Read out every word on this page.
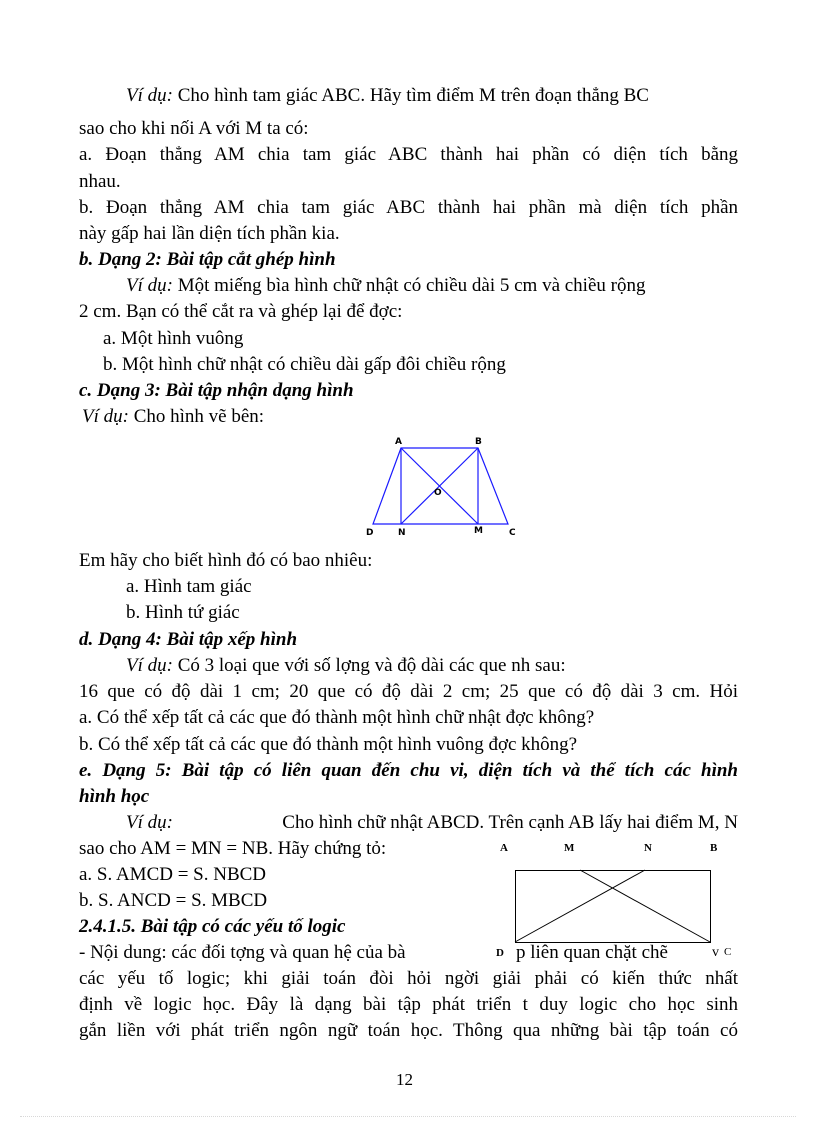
Ví dụ: Cho hình tam giác ABC. Hãy tìm điểm M trên đoạn thẳng BC
sao cho khi nối A với M ta có:
a. Đoạn thẳng AM chia tam giác ABC thành hai phần có diện tích bằng
nhau.
b. Đoạn thẳng AM chia tam giác ABC thành hai phần mà diện tích phần
này gấp hai lần diện tích phần kia.
b. Dạng 2: Bài tập cắt ghép hình
Ví dụ: Một miếng bìa hình chữ nhật có chiều dài 5 cm và chiều rộng
2 cm. Bạn có thể cắt ra và ghép lại để đợc:
a. Một hình vuông
b. Một hình chữ nhật có chiều dài gấp đôi chiều rộng
c. Dạng 3: Bài tập nhận dạng hình
Ví dụ: Cho hình vẽ bên:
A	B
O
D	N	M	C
Em hãy cho biết hình đó có bao nhiêu:
a. Hình tam giác
b. Hình tứ giác
d. Dạng 4: Bài tập xếp hình
Ví dụ: Có 3 loại que với số lợng và độ dài các que nh sau:
16 que có độ dài 1 cm; 20 que có độ dài 2 cm; 25 que có độ dài 3 cm. Hỏi
a. Có thể xếp tất cả các que đó thành một hình chữ nhật đợc không?
b. Có thể xếp tất cả các que đó thành một hình vuông đợc không?
e. Dạng 5: Bài tập có liên quan đến chu vi, diện tích và thể tích các hình
hình học
Ví dụ:	Cho hình chữ nhật ABCD. Trên cạnh AB lấy hai điểm M, N
sao cho AM = MN = NB. Hãy chứng tỏ:
a. S. AMCD = S. NBCD
b. S. ANCD = S. MBCD
A	M	N	B
2.4.1.5. Bài tập có các yếu tố logic
- Nội dung: các đối tợng và quan hệ của bà	D p liên quan chặt chẽ	v C
các yếu tố logic; khi giải toán đòi hỏi ngời giải phải có kiến thức nhất
định về logic học. Đây là dạng bài tập phát triển t duy logic cho học sinh
gắn liền với phát triển ngôn ngữ toán học. Thông qua những bài tập toán có
12
